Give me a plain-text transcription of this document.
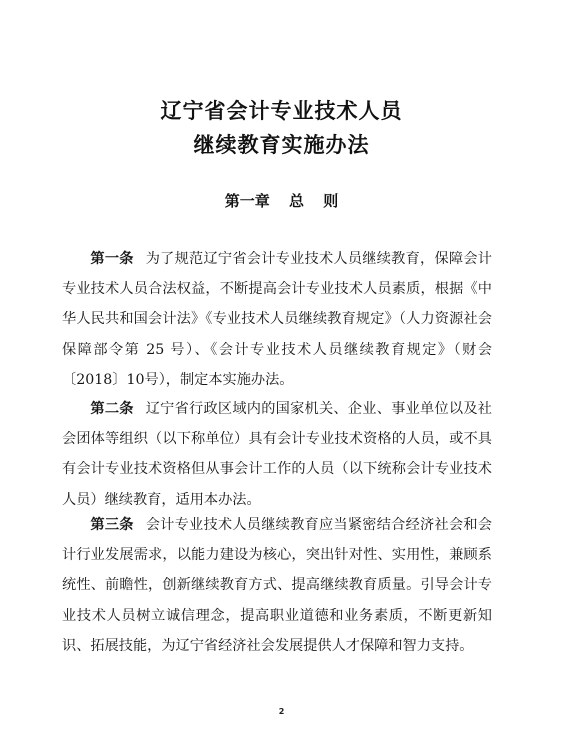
辽宁省会计专业技术人员
继续教育实施办法
第一章 总 则

第一条 为了规范辽宁省会计专业技术人员继续教育，保障会计专业技术人员合法权益，不断提高会计专业技术人员素质，根据《中华人民共和国会计法》《专业技术人员继续教育规定》（人力资源社会保障部令第 25 号）、《会计专业技术人员继续教育规定》（财会〔2018〕10号），制定本实施办法。

第二条 辽宁省行政区域内的国家机关、企业、事业单位以及社会团体等组织（以下称单位）具有会计专业技术资格的人员，或不具有会计专业技术资格但从事会计工作的人员（以下统称会计专业技术人员）继续教育，适用本办法。

第三条 会计专业技术人员继续教育应当紧密结合经济社会和会计行业发展需求，以能力建设为核心，突出针对性、实用性，兼顾系统性、前瞻性，创新继续教育方式、提高继续教育质量。引导会计专业技术人员树立诚信理念，提高职业道德和业务素质，不断更新知识、拓展技能，为辽宁省经济社会发展提供人才保障和智力支持。

2
